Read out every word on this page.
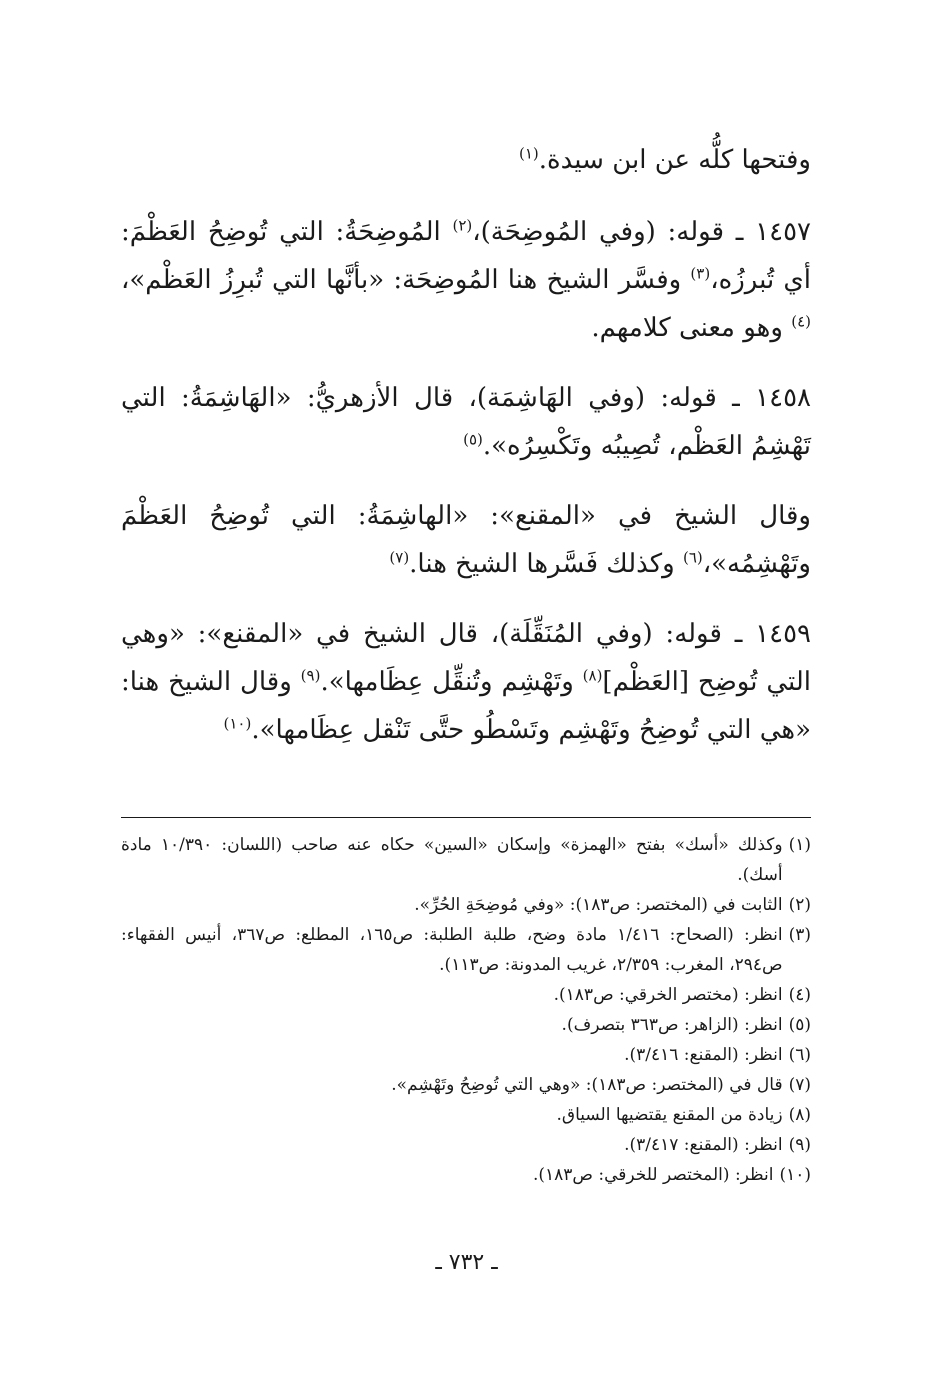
وفتحها كلُّه عن ابن سيدة.$^{(١)}$

١٤٥٧ ـ قوله: (وفي المُوضِحَة)،$^{(٢)}$ المُوضِحَةُ: التي تُوضِحُ العَظْمَ: أي تُبرزُه،$^{(٣)}$ وفسَّر الشيخ هنا المُوضِحَة: «بأنَّها التي تُبرِزُ العَظْم»،$^{(٤)}$ وهو معنى كلامهم.

١٤٥٨ ـ قوله: (وفي الهَاشِمَة)، قال الأزهريُّ: «الهَاشِمَةُ: التي تَهْشِمُ العَظْم، تُصِيبُه وتَكْسِرُه».$^{(٥)}$

وقال الشيخ في «المقنع»: «الهاشِمَةُ: التي تُوضِحُ العَظْمَ وتَهْشِمُه»،$^{(٦)}$ وكذلك فَسَّرها الشيخ هنا.$^{(٧)}$

١٤٥٩ ـ قوله: (وفي المُنَقِّلَة)، قال الشيخ في «المقنع»: «وهي التي تُوضِح [العَظْم]$^{(٨)}$ وتَهْشِم وتُنقِّل عِظَامها».$^{(٩)}$ وقال الشيخ هنا: «هي التي تُوضِحُ وتَهْشِم وتَسْطُو حتَّى تَنْقل عِظَامها».$^{(١٠)}$

(١)
وكذلك «أسك» بفتح «الهمزة» وإسكان «السين» حكاه عنه صاحب (اللسان: ١٠/٣٩٠ مادة أسك).
(٢)
الثابت في (المختصر: ص١٨٣): «وفي مُوضِحَةِ الحُرِّ».
(٣)
انظر: (الصحاح: ١/٤١٦ مادة وضح، طلبة الطلبة: ص١٦٥، المطلع: ص٣٦٧، أنيس الفقهاء: ص٢٩٤، المغرب: ٢/٣٥٩، غريب المدونة: ص١١٣).
(٤)
انظر: (مختصر الخرقي: ص١٨٣).
(٥)
انظر: (الزاهر: ص٣٦٣ بتصرف).
(٦)
انظر: (المقنع: ٣/٤١٦).
(٧)
قال في (المختصر: ص١٨٣): «وهي التي تُوضِحُ وتَهْشِم».
(٨)
زيادة من المقنع يقتضيها السياق.
(٩)
انظر: (المقنع: ٣/٤١٧).
(١٠)
انظر: (المختصر للخرقي: ص١٨٣).
ـ ٧٣٢ ـ
